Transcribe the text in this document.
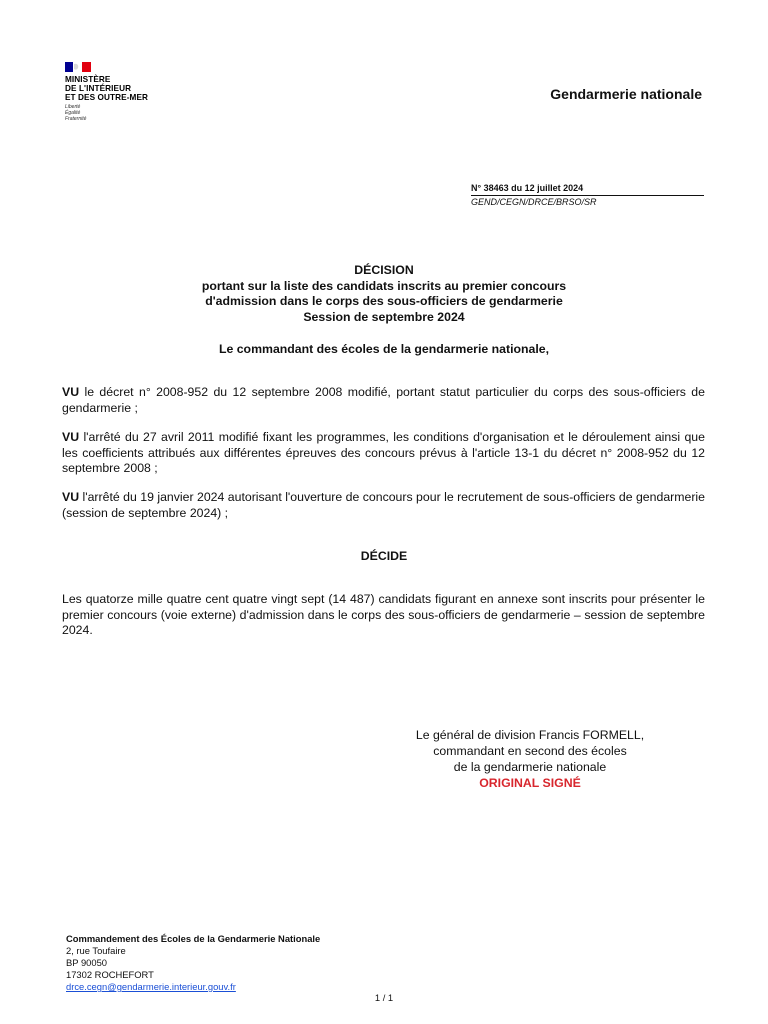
MINISTÈRE
DE L'INTÉRIEUR
ET DES OUTRE-MER
Liberté
Égalité
Fraternité
Gendarmerie nationale
N° 38463 du 12 juillet 2024
GEND/CEGN/DRCE/BRSO/SR
DÉCISION
portant sur la liste des candidats inscrits au premier concours
d'admission dans le corps des sous-officiers de gendarmerie
Session de septembre 2024
Le commandant des écoles de la gendarmerie nationale,
VU le décret n° 2008-952 du 12 septembre 2008 modifié, portant statut particulier du corps des sous-officiers de gendarmerie ;
VU l'arrêté du 27 avril 2011 modifié fixant les programmes, les conditions d'organisation et le déroulement ainsi que les coefficients attribués aux différentes épreuves des concours prévus à l'article 13-1 du décret n° 2008-952 du 12 septembre 2008 ;
VU l'arrêté du 19 janvier 2024 autorisant l'ouverture de concours pour le recrutement de sous-officiers de gendarmerie (session de septembre 2024) ;
DÉCIDE
Les quatorze mille quatre cent quatre vingt sept (14 487) candidats figurant en annexe sont inscrits pour présenter le premier concours (voie externe) d'admission dans le corps des sous-officiers de gendarmerie – session de septembre 2024.
Le général de division Francis FORMELL,
commandant en second des écoles
de la gendarmerie nationale
ORIGINAL SIGNÉ
Commandement des Écoles de la Gendarmerie Nationale
2, rue Toufaire
BP 90050
17302 ROCHEFORT
drce.cegn@gendarmerie.interieur.gouv.fr
1 / 1
